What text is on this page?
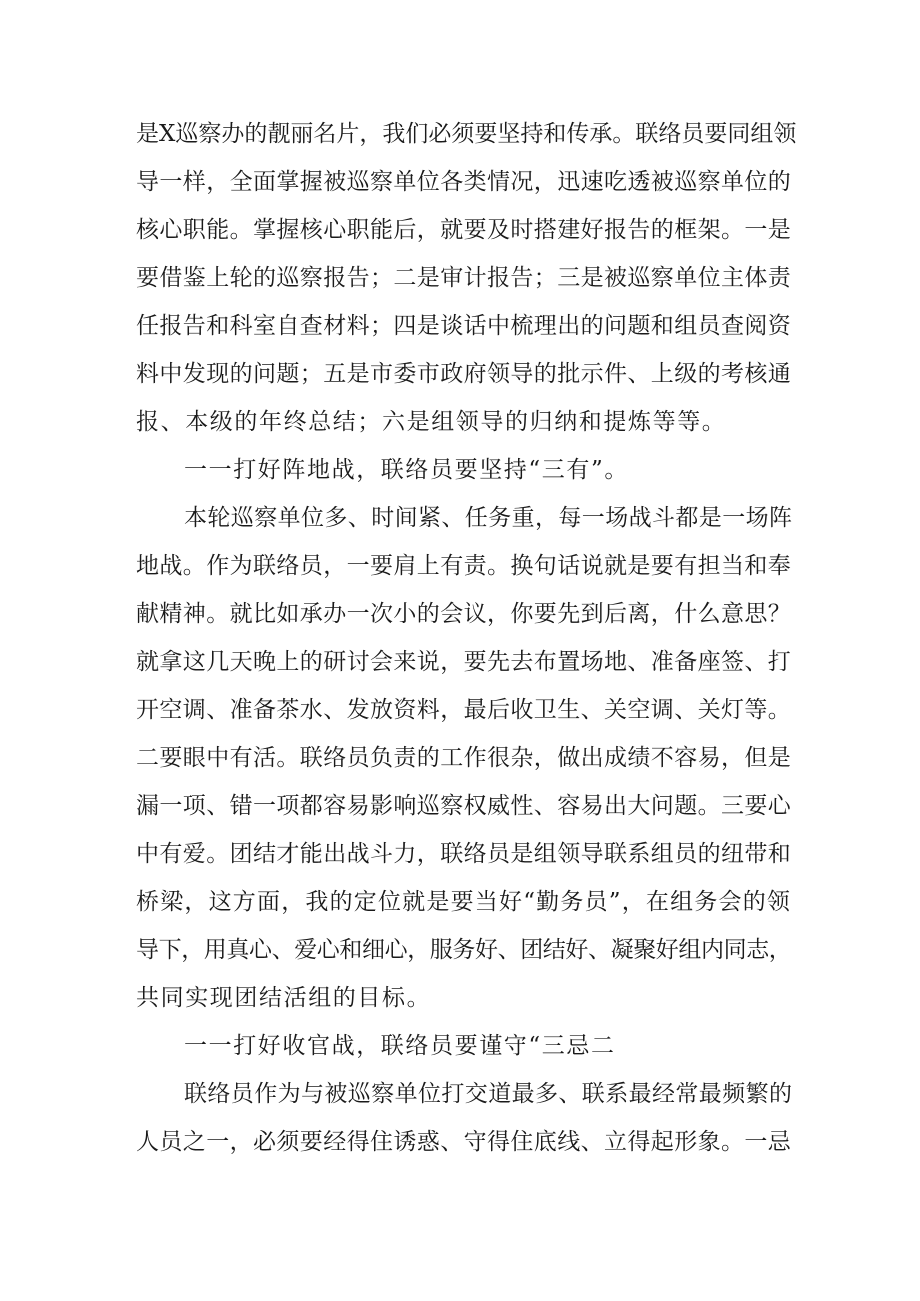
是X巡察办的靓丽名片，我们必须要坚持和传承。联络员要同组领
导一样，全面掌握被巡察单位各类情况，迅速吃透被巡察单位的
核心职能。掌握核心职能后，就要及时搭建好报告的框架。一是
要借鉴上轮的巡察报告；二是审计报告；三是被巡察单位主体责
任报告和科室自查材料；四是谈话中梳理出的问题和组员查阅资
料中发现的问题；五是市委市政府领导的批示件、上级的考核通
报、本级的年终总结；六是组领导的归纳和提炼等等。
一一打好阵地战，联络员要坚持“三有”。
本轮巡察单位多、时间紧、任务重，每一场战斗都是一场阵
地战。作为联络员，一要肩上有责。换句话说就是要有担当和奉
献精神。就比如承办一次小的会议，你要先到后离，什么意思？
就拿这几天晚上的研讨会来说，要先去布置场地、准备座签、打
开空调、准备茶水、发放资料，最后收卫生、关空调、关灯等。
二要眼中有活。联络员负责的工作很杂，做出成绩不容易，但是
漏一项、错一项都容易影响巡察权威性、容易出大问题。三要心
中有爱。团结才能出战斗力，联络员是组领导联系组员的纽带和
桥梁，这方面，我的定位就是要当好“勤务员”，在组务会的领
导下，用真心、爱心和细心，服务好、团结好、凝聚好组内同志，
共同实现团结活组的目标。
一一打好收官战，联络员要谨守“三忌二
联络员作为与被巡察单位打交道最多、联系最经常最频繁的
人员之一，必须要经得住诱惑、守得住底线、立得起形象。一忌
